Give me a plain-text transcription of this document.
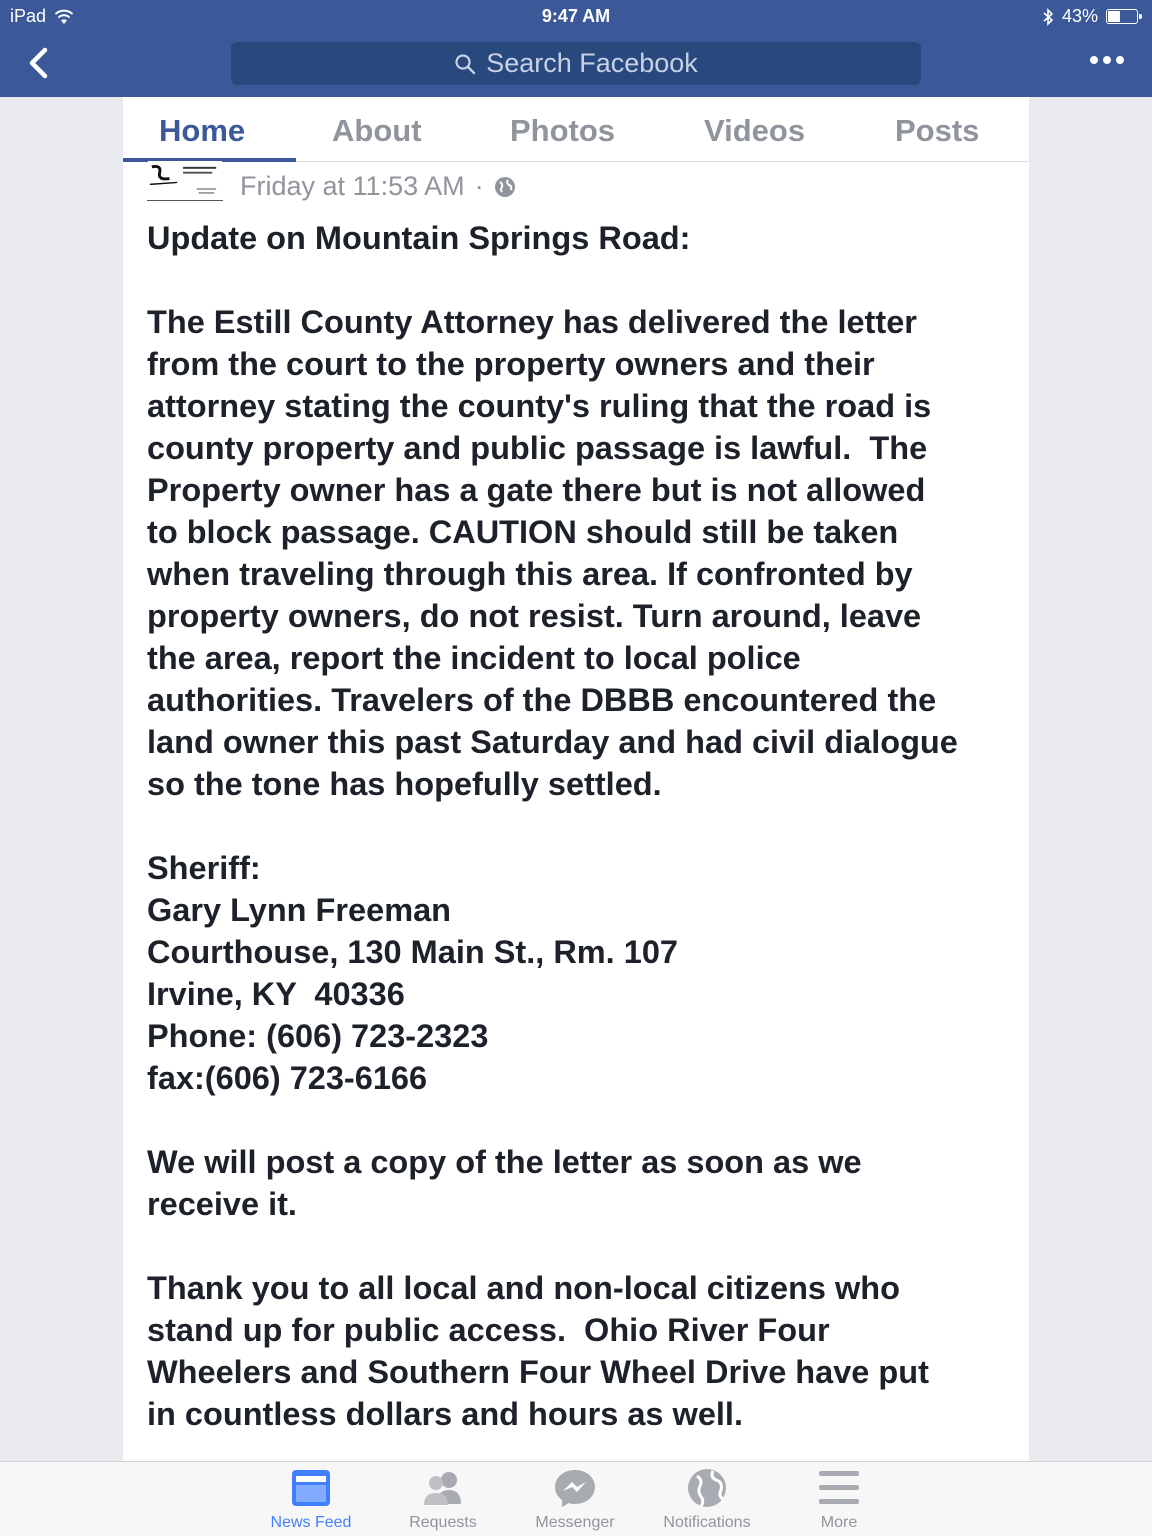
iPad	9:47 AM	43%
Search Facebook
Home	About	Photos	Videos	Posts
Friday at 11:53 AM ·

Update on Mountain Springs Road:

The Estill County Attorney has delivered the letter
from the court to the property owners and their
attorney stating the county's ruling that the road is
county property and public passage is lawful.  The
Property owner has a gate there but is not allowed
to block passage. CAUTION should still be taken
when traveling through this area. If confronted by
property owners, do not resist. Turn around, leave
the area, report the incident to local police
authorities. Travelers of the DBBB encountered the
land owner this past Saturday and had civil dialogue
so the tone has hopefully settled.

Sheriff:
Gary Lynn Freeman
Courthouse, 130 Main St., Rm. 107
Irvine, KY  40336
Phone: (606) 723-2323
fax:(606) 723-6166

We will post a copy of the letter as soon as we
receive it.

Thank you to all local and non-local citizens who
stand up for public access.  Ohio River Four
Wheelers and Southern Four Wheel Drive have put
in countless dollars and hours as well.

News Feed	Requests	Messenger	Notifications	More
